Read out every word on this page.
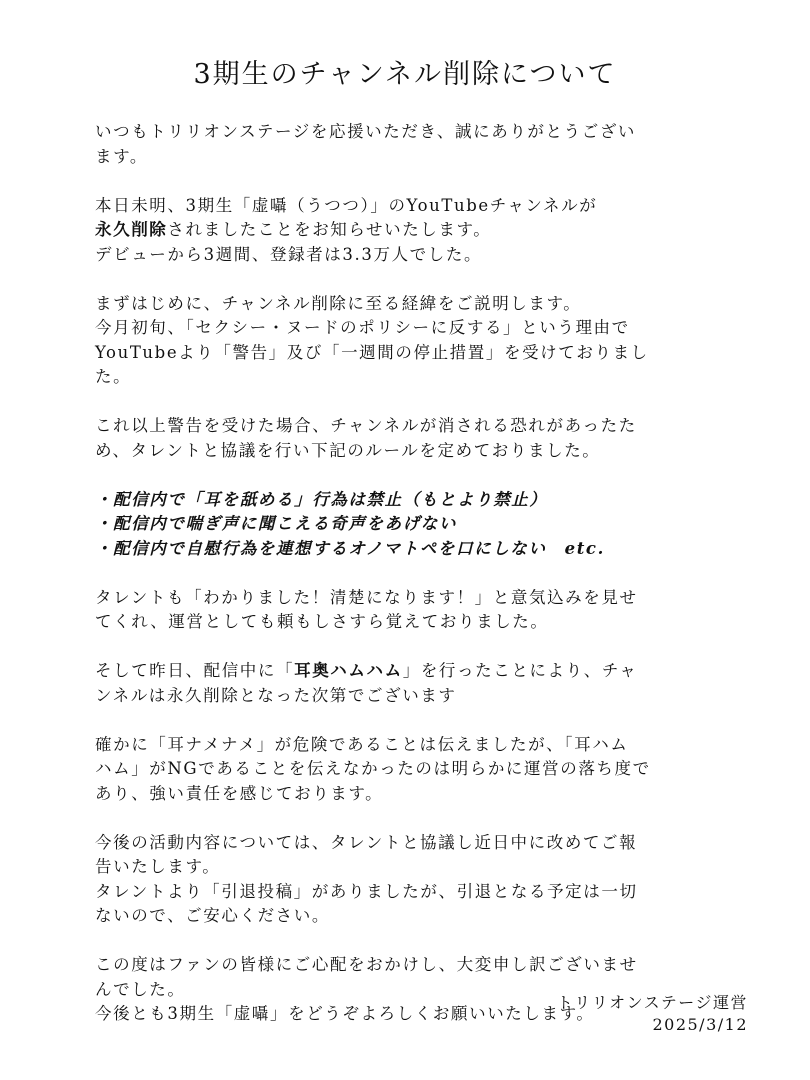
3期生のチャンネル削除について

いつもトリリオンステージを応援いただき、誠にありがとうござい
ます。

本日未明、3期生「虚囁（うつつ）」のYouTubeチャンネルが
永久削除されましたことをお知らせいたします。
デビューから3週間、登録者は3.3万人でした。

まずはじめに、チャンネル削除に至る経緯をご説明します。
今月初旬、「セクシー・ヌードのポリシーに反する」という理由で
YouTubeより「警告」及び「一週間の停止措置」を受けておりまし
た。

これ以上警告を受けた場合、チャンネルが消される恐れがあったた
め、タレントと協議を行い下記のルールを定めておりました。

・配信内で「耳を舐める」行為は禁止（もとより禁止）
・配信内で喘ぎ声に聞こえる奇声をあげない
・配信内で自慰行為を連想するオノマトペを口にしない　etc.

タレントも「わかりました！清楚になります！」と意気込みを見せ
てくれ、運営としても頼もしさすら覚えておりました。

そして昨日、配信中に「耳奥ハムハム」を行ったことにより、チャ
ンネルは永久削除となった次第でございます

確かに「耳ナメナメ」が危険であることは伝えましたが、「耳ハム
ハム」がNGであることを伝えなかったのは明らかに運営の落ち度で
あり、強い責任を感じております。

今後の活動内容については、タレントと協議し近日中に改めてご報
告いたします。
タレントより「引退投稿」がありましたが、引退となる予定は一切
ないので、ご安心ください。

この度はファンの皆様にご心配をおかけし、大変申し訳ございませ
んでした。
今後とも3期生「虚囁」をどうぞよろしくお願いいたします。

トリリオンステージ運営
2025/3/12
